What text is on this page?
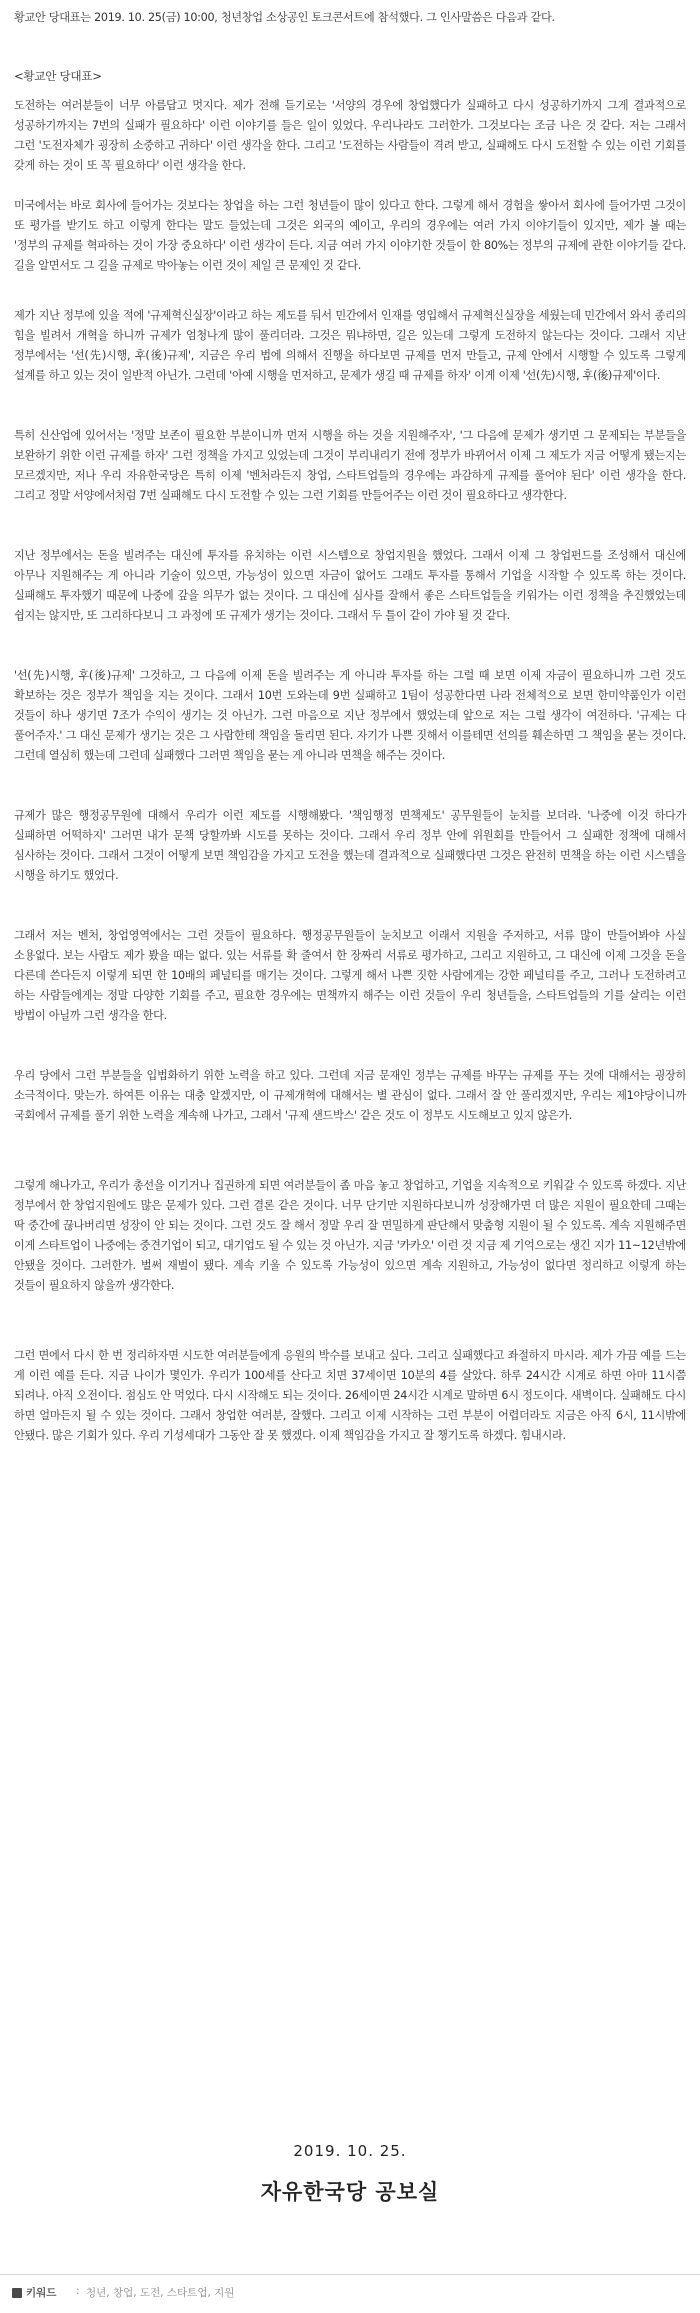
황교안 당대표는 2019. 10. 25(금) 10:00, 청년창업 소상공인 토크콘서트에 참석했다. 그 인사말씀은 다음과 같다.
<황교안 당대표>
도전하는 여러분들이 너무 아름답고 멋지다. 제가 전해 듣기로는 '서양의 경우에 창업했다가 실패하고 다시 성공하기까지 그게 결과적으로 성공하기까지는 7번의 실패가 필요하다' 이런 이야기를 들은 일이 있었다. 우리나라도 그러한가. 그것보다는 조금 나은 것 같다. 저는 그래서 그런 '도전자체가 굉장히 소중하고 귀하다' 이런 생각을 한다. 그리고 '도전하는 사람들이 격려 받고, 실패해도 다시 도전할 수 있는 이런 기회를 갖게 하는 것이 또 꼭 필요하다' 이런 생각을 한다.
미국에서는 바로 회사에 들어가는 것보다는 창업을 하는 그런 청년들이 많이 있다고 한다. 그렇게 해서 경험을 쌓아서 회사에 들어가면 그것이 또 평가를 받기도 하고 이렇게 한다는 말도 들었는데 그것은 외국의 예이고, 우리의 경우에는 여러 가지 이야기들이 있지만, 제가 볼 때는 '정부의 규제를 혁파하는 것이 가장 중요하다' 이런 생각이 든다. 지금 여러 가지 이야기한 것들이 한 80%는 정부의 규제에 관한 이야기들 같다. 길을 알면서도 그 길을 규제로 막아놓는 이런 것이 제일 큰 문제인 것 같다.
제가 지난 정부에 있을 적에 '규제혁신실장'이라고 하는 제도를 둬서 민간에서 인재를 영입해서 규제혁신실장을 세웠는데 민간에서 와서 종리의 힘을 빌려서 개혁을 하니까 규제가 엄청나게 많이 풀리더라. 그것은 뭐냐하면, 길은 있는데 그렇게 도전하지 않는다는 것이다. 그래서 지난 정부에서는 '선(先)시행, 후(後)규제', 지금은 우리 법에 의해서 진행을 하다보면 규제를 먼저 만들고, 규제 안에서 시행할 수 있도록 그렇게 설계를 하고 있는 것이 일반적 아닌가. 그런데 '아예 시행을 먼저하고, 문제가 생길 때 규제를 하자' 이게 이제 '선(先)시행, 후(後)규제'이다.
특히 신산업에 있어서는 '정말 보존이 필요한 부분이니까 먼저 시행을 하는 것을 지원해주자', '그 다음에 문제가 생기면 그 문제되는 부분들을 보완하기 위한 이런 규제를 하자' 그런 정책을 가지고 있었는데 그것이 부리내리기 전에 정부가 바뀌어서 이제 그 제도가 지금 어떻게 됐는지는 모르겠지만, 저나 우리 자유한국당은 특히 이제 '벤처라든지 창업, 스타트업들의 경우에는 과감하게 규제를 풀어야 된다' 이런 생각을 한다. 그리고 정말 서양에서처럼 7번 실패해도 다시 도전할 수 있는 그런 기회를 만들어주는 이런 것이 필요하다고 생각한다.
지난 정부에서는 돈을 빌려주는 대신에 투자를 유치하는 이런 시스템으로 창업지원을 했었다. 그래서 이제 그 창업펀드를 조성해서 대신에 아무나 지원해주는 게 아니라 기술이 있으면, 가능성이 있으면 자금이 없어도 그래도 투자를 통해서 기업을 시작할 수 있도록 하는 것이다. 실패해도 투자했기 때문에 나중에 갚을 의무가 없는 것이다. 그 대신에 심사를 잘해서 좋은 스타트업들을 키워가는 이런 정책을 추진했었는데 쉽지는 않지만, 또 그리하다보니 그 과정에 또 규제가 생기는 것이다. 그래서 두 틀이 같이 가야 될 것 같다.
'선(先)시행, 후(後)규제' 그것하고, 그 다음에 이제 돈을 빌려주는 게 아니라 투자를 하는 그럴 때 보면 이제 자금이 필요하니까 그런 것도 확보하는 것은 정부가 책임을 지는 것이다. 그래서 10번 도와는데 9번 실패하고 1팀이 성공한다면 나라 전체적으로 보면 한미약품인가 이런 것들이 하나 생기면 7조가 수익이 생기는 것 아닌가. 그런 마음으로 지난 정부에서 했었는데 앞으로 저는 그럴 생각이 여전하다. '규제는 다 풀어주자.' 그 대신 문제가 생기는 것은 그 사람한테 책임을 돌리면 된다. 자기가 나쁜 짓해서 이를테면 선의를 훼손하면 그 책임을 묻는 것이다. 그런데 열심히 했는데 그런데 실패했다 그러면 책임을 묻는 게 아니라 면책을 해주는 것이다.
규제가 많은 행정공무원에 대해서 우리가 이런 제도를 시행해봤다. '책임행정 면책제도' 공무원들이 눈치를 보더라. '나중에 이것 하다가 실패하면 어떡하지' 그러면 내가 문책 당할까봐 시도를 못하는 것이다. 그래서 우리 정부 안에 위원회를 만들어서 그 실패한 정책에 대해서 심사하는 것이다. 그래서 그것이 어떻게 보면 책임감을 가지고 도전을 했는데 결과적으로 실패했다면 그것은 완전히 면책을 하는 이런 시스템을 시행을 하기도 했었다.
그래서 저는 벤처, 창업영역에서는 그런 것들이 필요하다. 행정공무원들이 눈치보고 이래서 지원을 주저하고, 서류 많이 만들어봐야 사실 소용없다. 보는 사람도 제가 봤을 때는 없다. 있는 서류를 확 줄여서 한 장짜리 서류로 평가하고, 그리고 지원하고, 그 대신에 이제 그것을 돈을 다른데 쓴다든지 이렇게 되면 한 10배의 페널티를 매기는 것이다. 그렇게 해서 나쁜 짓한 사람에게는 강한 페널티를 주고, 그러나 도전하려고 하는 사람들에게는 정말 다양한 기회를 주고, 필요한 경우에는 면책까지 해주는 이런 것들이 우리 청년들을, 스타트업들의 기를 살리는 이런 방법이 아닐까 그런 생각을 한다.
우리 당에서 그런 부분들을 입법화하기 위한 노력을 하고 있다. 그런데 지금 문재인 정부는 규제를 바꾸는 규제를 푸는 것에 대해서는 굉장히 소극적이다. 맞는가. 하여튼 이유는 대충 알겠지만, 이 규제개혁에 대해서는 별 관심이 없다. 그래서 잘 안 풀리겠지만, 우리는 제1야당이니까 국회에서 규제를 풀기 위한 노력을 계속해 나가고, 그래서 '규제 샌드박스' 같은 것도 이 정부도 시도해보고 있지 않은가.
그렇게 해나가고, 우리가 총선을 이기거나 집권하게 되면 여러분들이 좀 마음 놓고 창업하고, 기업을 지속적으로 키워갈 수 있도록 하겠다. 지난 정부에서 한 창업지원에도 많은 문제가 있다. 그런 결론 같은 것이다. 너무 단기만 지원하다보니까 성장해가면 더 많은 지원이 필요한데 그때는 딱 중간에 끊나버리면 성장이 안 되는 것이다. 그런 것도 잘 해서 정말 우리 잘 면밀하게 판단해서 맞춤형 지원이 될 수 있도록. 계속 지원해주면 이게 스타트업이 나중에는 중견기업이 되고, 대기업도 될 수 있는 것 아닌가. 지금 '카카오' 이런 것 지금 제 기억으로는 생긴 지가 11~12년밖에 안됐을 것이다. 그러한가. 벌써 재벌이 됐다. 계속 키울 수 있도록 가능성이 있으면 계속 지원하고, 가능성이 없다면 정리하고 이렇게 하는 것들이 필요하지 않을까 생각한다.
그런 면에서 다시 한 번 정리하자면 시도한 여러분들에게 응원의 박수를 보내고 싶다. 그리고 실패했다고 좌절하지 마시라. 제가 가끔 예를 드는 게 이런 예를 든다. 지금 나이가 몇인가. 우리가 100세를 산다고 치면 37세이면 10분의 4를 살았다. 하루 24시간 시계로 하면 아마 11시쯤 되려나. 아직 오전이다. 점심도 안 먹었다. 다시 시작해도 되는 것이다. 26세이면 24시간 시계로 말하면 6시 정도이다. 새벽이다. 실패해도 다시 하면 얼마든지 될 수 있는 것이다. 그래서 창업한 여러분, 잘했다. 그리고 이제 시작하는 그런 부분이 어렵더라도 지금은 아직 6시, 11시밖에 안됐다. 많은 기회가 있다. 우리 기성세대가 그동안 잘 못 했겠다. 이제 책임감을 가지고 잘 챙기도록 하겠다. 힘내시라.
2019. 10. 25.
자유한국당 공보실
키워드 : 청년, 창업, 도전, 스타트업, 지원
